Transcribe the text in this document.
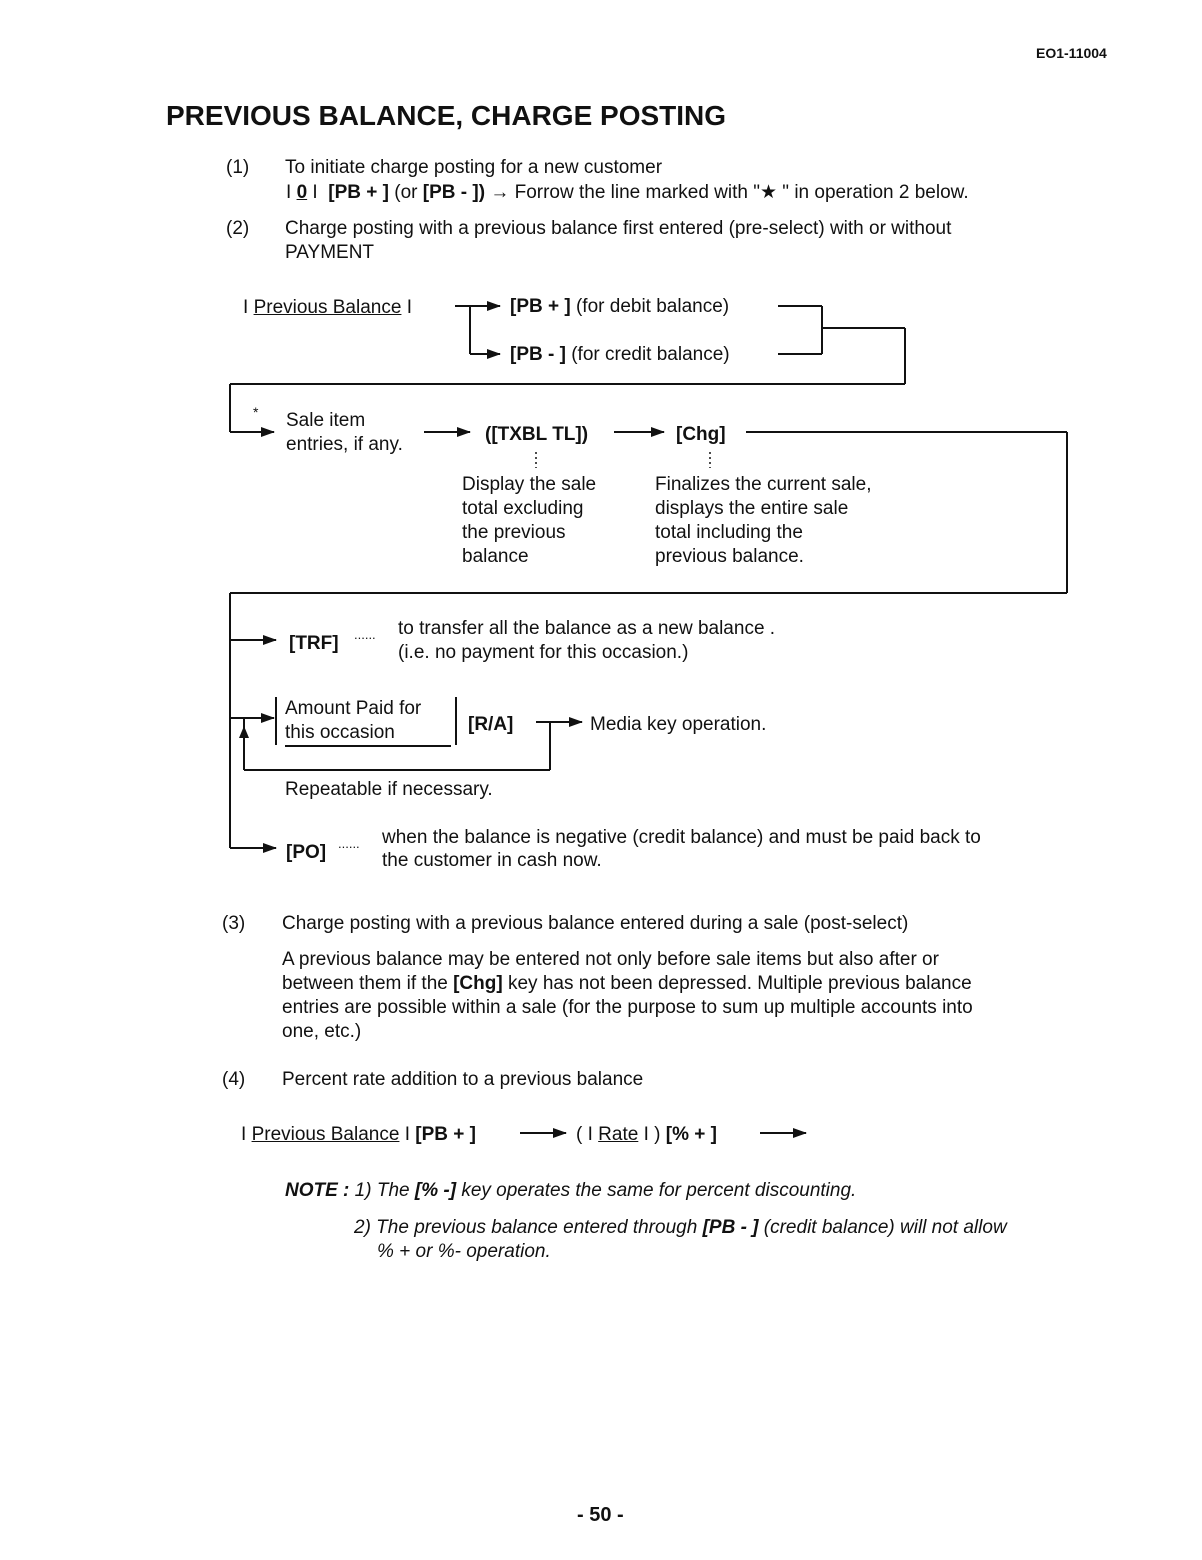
EO1-11004
PREVIOUS BALANCE, CHARGE POSTING
(1) To initiate charge posting for a new customer
I 0 I [PB + ] (or [PB - ]) → Forrow the line marked with "★ " in operation 2 below.
(2) Charge posting with a previous balance first entered (pre-select) with or without
PAYMENT
I Previous Balance I	[PB + ] (for debit balance)
[PB - ] (for credit balance)
* Sale item
entries, if any.	([TXBL TL])	[Chg]
Display the sale
total excluding
the previous
balance
Finalizes the current sale,
displays the entire sale
total including the
previous balance.
[TRF] ...... to transfer all the balance as a new balance .
(i.e. no payment for this occasion.)
Amount Paid for
this occasion	[R/A]	Media key operation.
Repeatable if necessary.
[PO] ...... when the balance is negative (credit balance) and must be paid back to
the customer in cash now.
(3) Charge posting with a previous balance entered during a sale (post-select)
A previous balance may be entered not only before sale items but also after or
between them if the [Chg] key has not been depressed. Multiple previous balance
entries are possible within a sale (for the purpose to sum up multiple accounts into
one, etc.)
(4) Percent rate addition to a previous balance
I Previous Balance I [PB + ]	( I Rate I ) [% + ]
NOTE : 1) The [% -] key operates the same for percent discounting.
2) The previous balance entered through [PB - ] (credit balance) will not allow
% + or %- operation.
- 50 -
